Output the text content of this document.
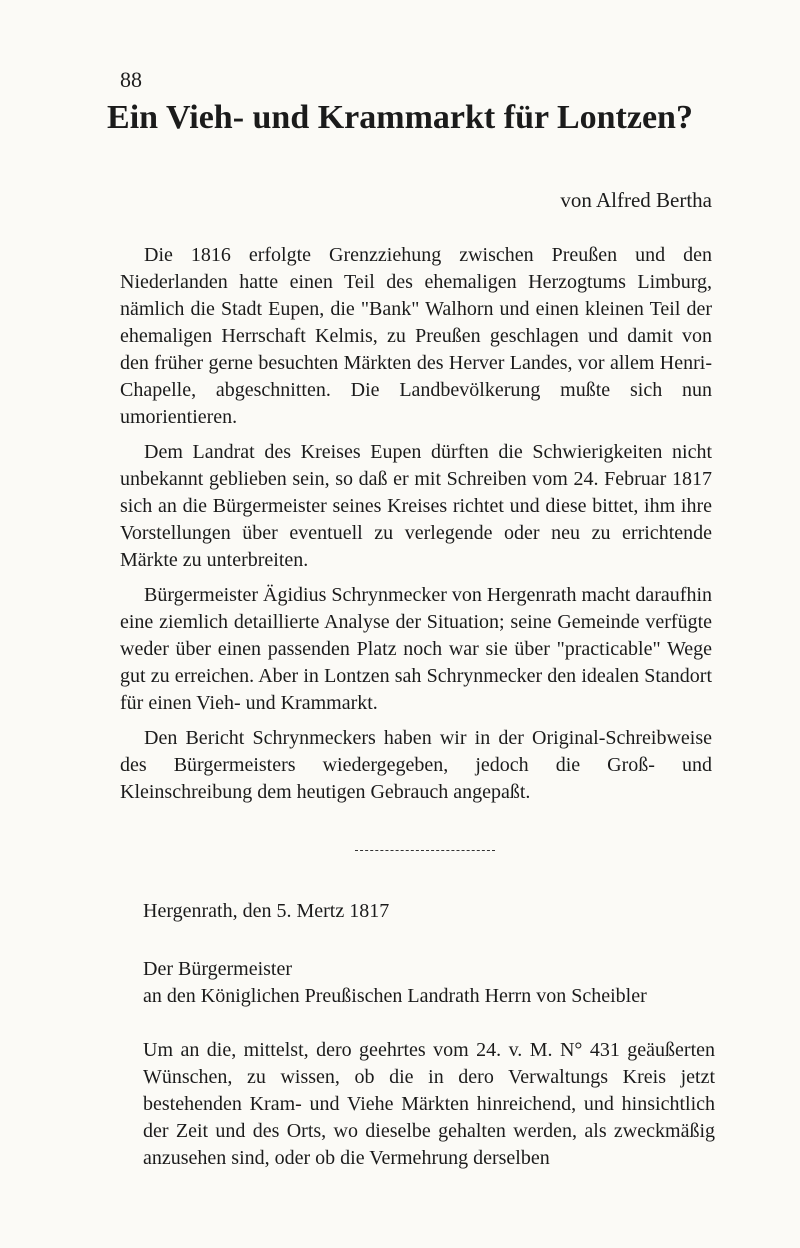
88
Ein Vieh- und Krammarkt für Lontzen?
von Alfred Bertha

Die 1816 erfolgte Grenzziehung zwischen Preußen und den Niederlanden hatte einen Teil des ehemaligen Herzogtums Limburg, nämlich die Stadt Eupen, die "Bank" Walhorn und einen kleinen Teil der ehemaligen Herrschaft Kelmis, zu Preußen geschlagen und damit von den früher gerne besuchten Märkten des Herver Landes, vor allem Henri- Chapelle, abgeschnitten. Die Landbevölkerung mußte sich nun umorientieren.

Dem Landrat des Kreises Eupen dürften die Schwierigkeiten nicht unbekannt geblieben sein, so daß er mit Schreiben vom 24. Februar 1817 sich an die Bürgermeister seines Kreises richtet und diese bittet, ihm ihre Vorstellungen über eventuell zu verlegende oder neu zu errichtende Märkte zu unterbreiten.

Bürgermeister Ägidius Schrynmecker von Hergenrath macht daraufhin eine ziemlich detaillierte Analyse der Situation; seine Gemeinde verfügte weder über einen passenden Platz noch war sie über "practicable" Wege gut zu erreichen. Aber in Lontzen sah Schrynmecker den idealen Standort für einen Vieh- und Krammarkt.

Den Bericht Schrynmeckers haben wir in der Original-Schreibweise des Bürgermeisters wiedergegeben, jedoch die Groß- und Kleinschreibung dem heutigen Gebrauch angepaßt.

Hergenrath, den 5. Mertz 1817
Der Bürgermeister
an den Königlichen Preußischen Landrath Herrn von Scheibler

Um an die, mittelst, dero geehrtes vom 24. v. M. N° 431 geäußerten Wünschen, zu wissen, ob die in dero Verwaltungs Kreis jetzt bestehenden Kram- und Viehe Märkten hinreichend, und hinsichtlich der Zeit und des Orts, wo dieselbe gehalten werden, als zweckmäßig anzusehen sind, oder ob die Vermehrung derselben
